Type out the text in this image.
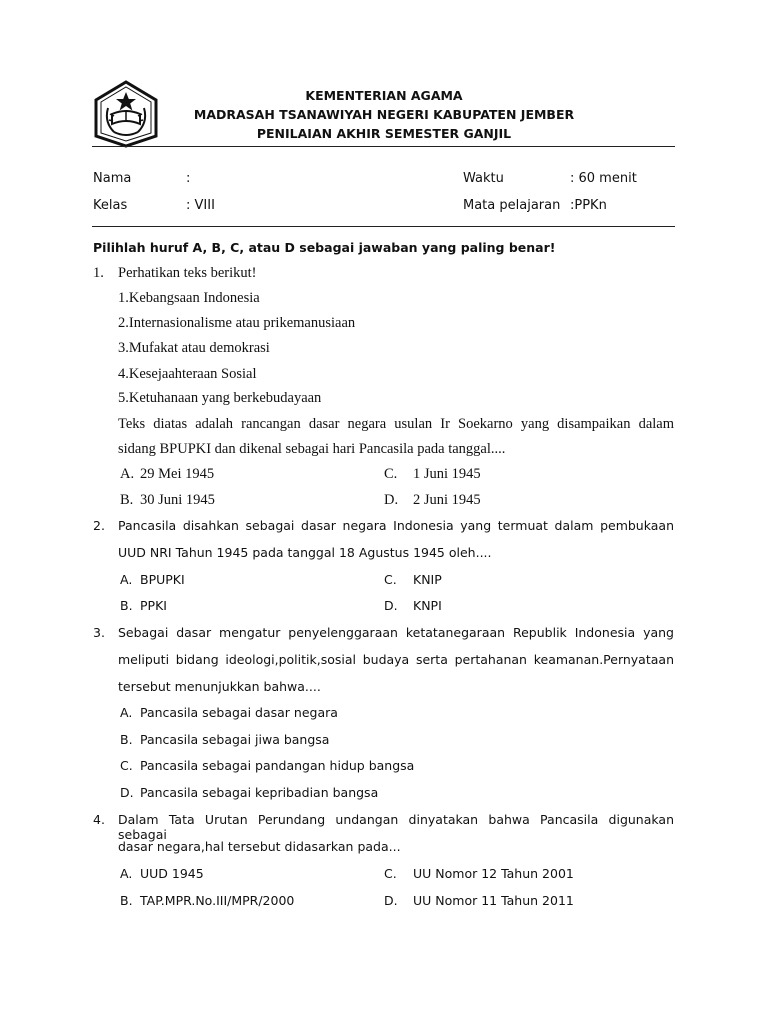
KEMENTERIAN AGAMA
MADRASAH TSANAWIYAH NEGERI KABUPATEN JEMBER
PENILAIAN AKHIR SEMESTER GANJIL
Nama	:	Waktu	: 60 menit
Kelas	: VIII	Mata pelajaran :PPKn
Pilihlah huruf A, B, C, atau D sebagai jawaban yang paling benar!
1. Perhatikan teks berikut!
1.Kebangsaan Indonesia
2.Internasionalisme atau prikemanusiaan
3.Mufakat atau demokrasi
4.Kesejaahteraan Sosial
5.Ketuhanaan yang berkebudayaan
Teks diatas adalah rancangan dasar negara usulan Ir Soekarno yang disampaikan dalam
sidang BPUPKI dan dikenal sebagai hari Pancasila pada tanggal....
A. 29 Mei 1945	C. 1 Juni 1945
B. 30 Juni 1945	D. 2 Juni 1945
2. Pancasila disahkan sebagai dasar negara Indonesia yang termuat dalam pembukaan
UUD NRI Tahun 1945 pada tanggal 18 Agustus 1945 oleh....
A. BPUPKI	C. KNIP
B. PPKI	D. KNPI
3. Sebagai dasar mengatur penyelenggaraan ketatanegaraan Republik Indonesia yang
meliputi bidang ideologi,politik,sosial budaya serta pertahanan keamanan.Pernyataan
tersebut menunjukkan bahwa....
A. Pancasila sebagai dasar negara
B. Pancasila sebagai jiwa bangsa
C. Pancasila sebagai pandangan hidup bangsa
D. Pancasila sebagai kepribadian bangsa
4. Dalam Tata Urutan Perundang undangan dinyatakan bahwa Pancasila digunakan sebagai
dasar negara,hal tersebut didasarkan pada...
A. UUD 1945	C. UU Nomor 12 Tahun 2001
B. TAP.MPR.No.III/MPR/2000	D. UU Nomor 11 Tahun 2011
